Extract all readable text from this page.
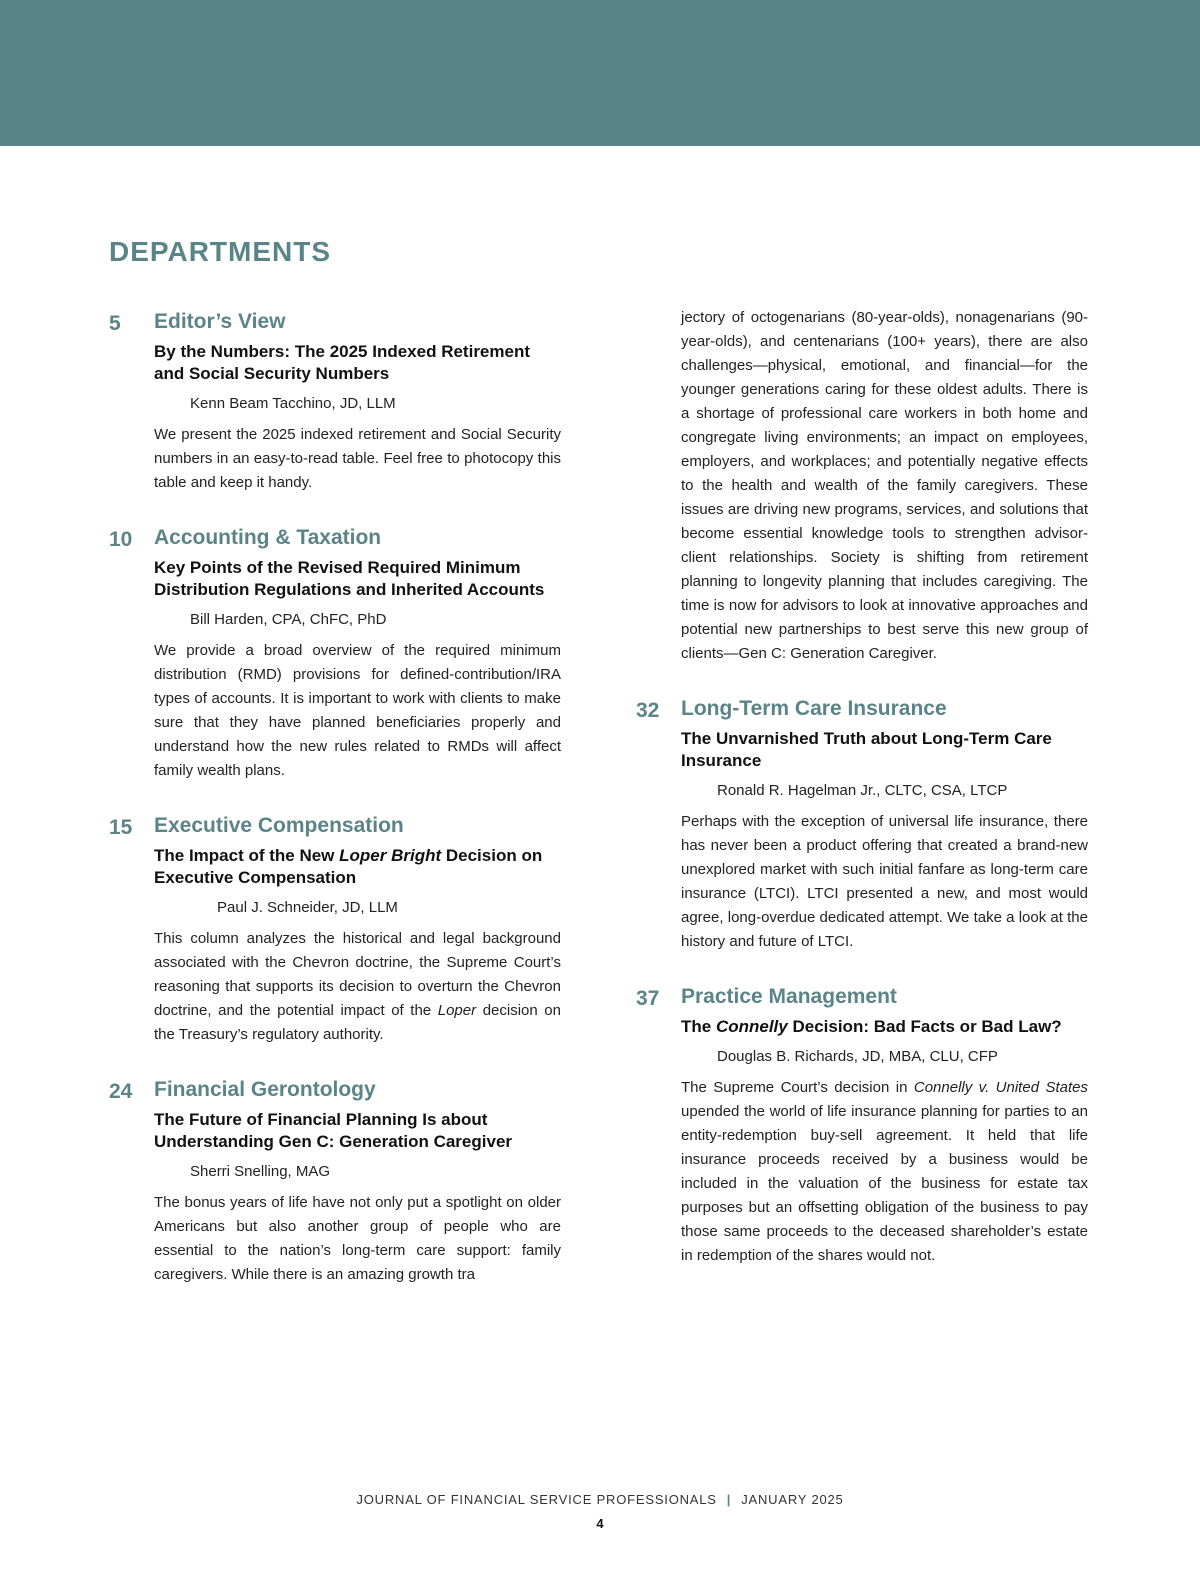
DEPARTMENTS
5 Editor’s View
By the Numbers: The 2025 Indexed Retirement and Social Security Numbers
Kenn Beam Tacchino, JD, LLM

We present the 2025 indexed retirement and Social Security numbers in an easy-to-read table. Feel free to photocopy this table and keep it handy.

10 Accounting & Taxation
Key Points of the Revised Required Minimum Distribution Regulations and Inherited Accounts
Bill Harden, CPA, ChFC, PhD

We provide a broad overview of the required minimum distribution (RMD) provisions for defined-contribution/IRA types of accounts. It is important to work with clients to make sure that they have planned beneficiaries properly and understand how the new rules related to RMDs will affect family wealth plans.

15 Executive Compensation
The Impact of the New Loper Bright Decision on Executive Compensation
Paul J. Schneider, JD, LLM

This column analyzes the historical and legal background associated with the Chevron doctrine, the Supreme Court’s reasoning that supports its decision to overturn the Chevron doctrine, and the potential impact of the Loper decision on the Treasury’s regulatory authority.

24 Financial Gerontology
The Future of Financial Planning Is about Understanding Gen C: Generation Caregiver
Sherri Snelling, MAG

The bonus years of life have not only put a spotlight on older Americans but also another group of people who are essential to the nation’s long-term care support: family caregivers. While there is an amazing growth tra

jectory of octogenarians (80-year-olds), nonagenarians (90-year-olds), and centenarians (100+ years), there are also challenges—physical, emotional, and financial—for the younger generations caring for these oldest adults. There is a shortage of professional care workers in both home and congregate living environments; an impact on employees, employers, and workplaces; and potentially negative effects to the health and wealth of the family caregivers. These issues are driving new programs, services, and solutions that become essential knowledge tools to strengthen advisor-client relationships. Society is shifting from retirement planning to longevity planning that includes caregiving. The time is now for advisors to look at innovative approaches and potential new partnerships to best serve this new group of clients—Gen C: Generation Caregiver.

32 Long-Term Care Insurance
The Unvarnished Truth about Long-Term Care Insurance
Ronald R. Hagelman Jr., CLTC, CSA, LTCP

Perhaps with the exception of universal life insurance, there has never been a product offering that created a brand-new unexplored market with such initial fanfare as long-term care insurance (LTCI). LTCI presented a new, and most would agree, long-overdue dedicated attempt. We take a look at the history and future of LTCI.

37 Practice Management
The Connelly Decision: Bad Facts or Bad Law?
Douglas B. Richards, JD, MBA, CLU, CFP

The Supreme Court’s decision in Connelly v. United States upended the world of life insurance planning for parties to an entity-redemption buy-sell agreement. It held that life insurance proceeds received by a business would be included in the valuation of the business for estate tax purposes but an offsetting obligation of the business to pay those same proceeds to the deceased shareholder’s estate in redemption of the shares would not.

JOURNAL OF FINANCIAL SERVICE PROFESSIONALS | JANUARY 2025
4
